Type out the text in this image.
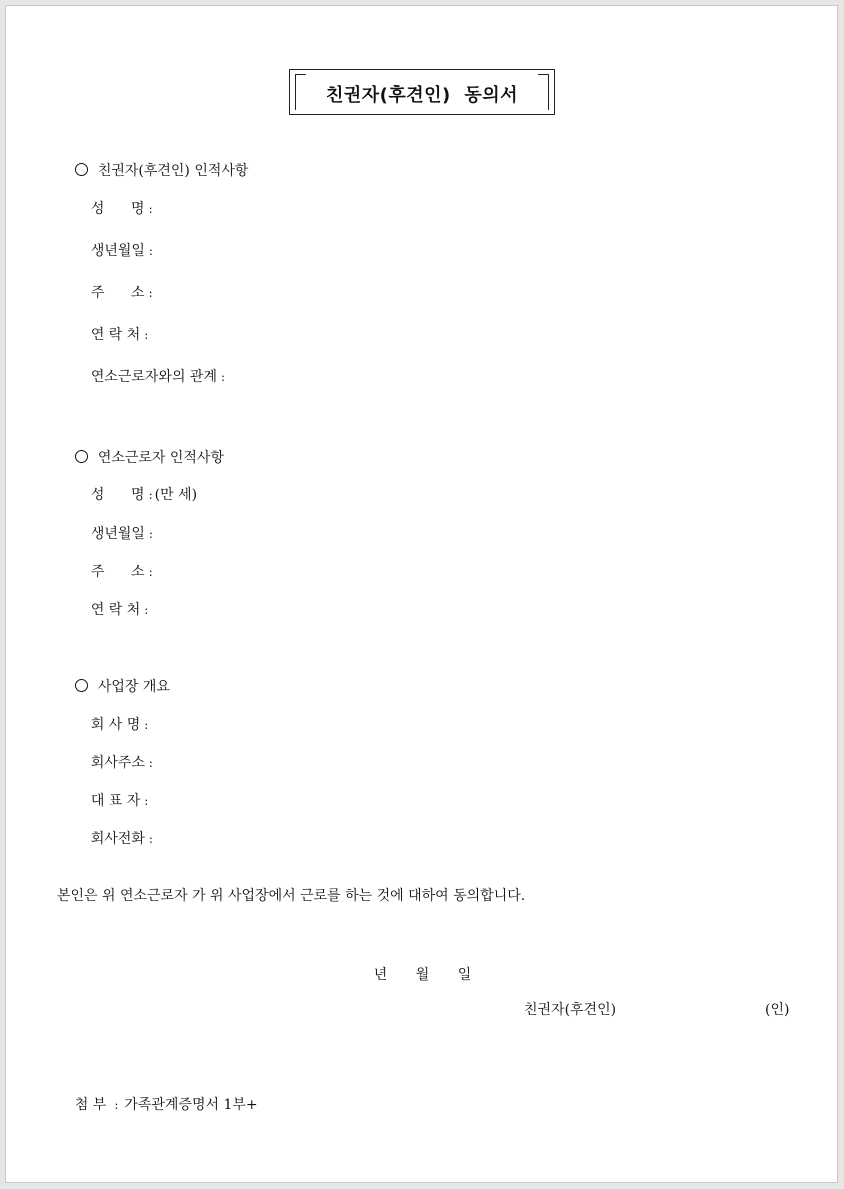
친권자(후견인)  동의서

친권자(후견인) 인적사항

성      명 :

생년월일 :

주      소 :

연 락 처 :

연소근로자와의 관계 :

연소근로자 인적사항

성      명 : (만 세)

생년월일 :

주      소 :

연 락 처 :

사업장 개요

회 사 명 :

회사주소 :

대 표 자 :

회사전화 :

본인은 위 연소근로자 가 위 사업장에서 근로를 하는 것에 대하여 동의합니다.
년 월 일
친권자(후견인)	(인)

첨 부 : 가족관계증명서 1부+
